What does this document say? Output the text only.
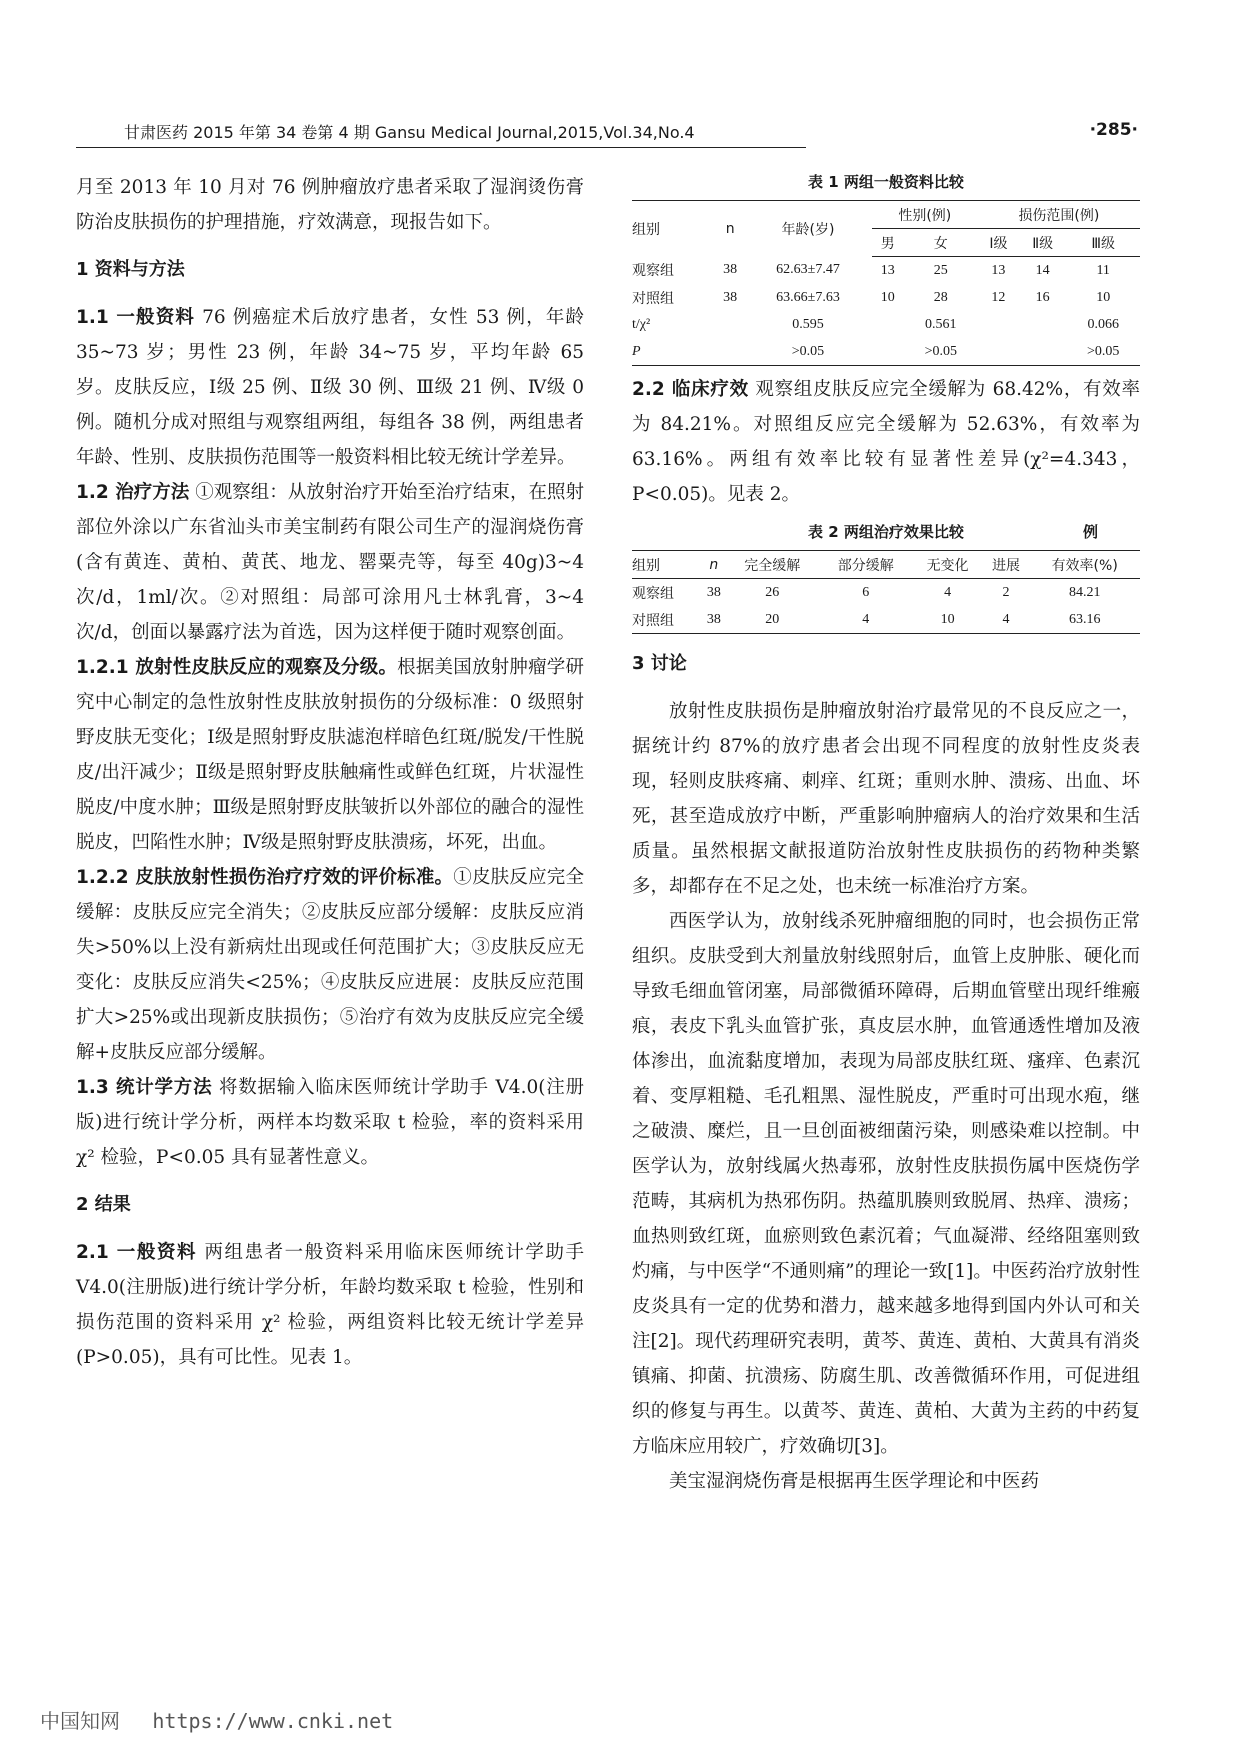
甘肃医药 2015 年第 34 卷第 4 期 Gansu Medical Journal,2015,Vol.34,No.4	·285·

月至 2013 年 10 月对 76 例肿瘤放疗患者采取了湿润烫伤膏防治皮肤损伤的护理措施，疗效满意，现报告如下。

1 资料与方法

1.1 一般资料 76 例癌症术后放疗患者，女性 53 例，年龄 35~73 岁；男性 23 例，年龄 34~75 岁，平均年龄 65 岁。皮肤反应，Ⅰ级 25 例、Ⅱ级 30 例、Ⅲ级 21 例、Ⅳ级 0 例。随机分成对照组与观察组两组，每组各 38 例，两组患者年龄、性别、皮肤损伤范围等一般资料相比较无统计学差异。

1.2 治疗方法 ①观察组：从放射治疗开始至治疗结束，在照射部位外涂以广东省汕头市美宝制药有限公司生产的湿润烧伤膏(含有黄连、黄柏、黄芪、地龙、罂粟壳等，每至 40g)3~4 次/d，1ml/次。②对照组：局部可涂用凡士林乳膏，3~4 次/d，创面以暴露疗法为首选，因为这样便于随时观察创面。

1.2.1 放射性皮肤反应的观察及分级。根据美国放射肿瘤学研究中心制定的急性放射性皮肤放射损伤的分级标准：0 级照射野皮肤无变化；Ⅰ级是照射野皮肤滤泡样暗色红斑/脱发/干性脱皮/出汗减少；Ⅱ级是照射野皮肤触痛性或鲜色红斑，片状湿性脱皮/中度水肿；Ⅲ级是照射野皮肤皱折以外部位的融合的湿性脱皮，凹陷性水肿；Ⅳ级是照射野皮肤溃疡，坏死，出血。

1.2.2 皮肤放射性损伤治疗疗效的评价标准。①皮肤反应完全缓解：皮肤反应完全消失；②皮肤反应部分缓解：皮肤反应消失>50%以上没有新病灶出现或任何范围扩大；③皮肤反应无变化：皮肤反应消失<25%；④皮肤反应进展：皮肤反应范围扩大>25%或出现新皮肤损伤；⑤治疗有效为皮肤反应完全缓解+皮肤反应部分缓解。

1.3 统计学方法 将数据输入临床医师统计学助手 V4.0(注册版)进行统计学分析，两样本均数采取 t 检验，率的资料采用 χ² 检验，P<0.05 具有显著性意义。

2 结果

2.1 一般资料 两组患者一般资料采用临床医师统计学助手 V4.0(注册版)进行统计学分析，年龄均数采取 t 检验，性别和损伤范围的资料采用 χ² 检验，两组资料比较无统计学差异(P>0.05)，具有可比性。见表 1。

表 1 两组一般资料比较
组别	n	年龄(岁)	性别(例)		损伤范围(例)		
			男	女	Ⅰ级	Ⅱ级	Ⅲ级
观察组	38	62.63±7.47	13	25	13	14	11
对照组	38	63.66±7.63	10	28	12	16	10
t/χ²		0.595		0.561			0.066
P		>0.05		>0.05			>0.05

2.2 临床疗效 观察组皮肤反应完全缓解为 68.42%，有效率为 84.21%。对照组反应完全缓解为 52.63%，有效率为 63.16%。两组有效率比较有显著性差异(χ²=4.343，P<0.05)。见表 2。

表 2 两组治疗效果比较	例
组别	n	完全缓解	部分缓解	无变化	进展	有效率(%)
观察组	38	26	6	4	2	84.21
对照组	38	20	4	10	4	63.16
3 讨论

放射性皮肤损伤是肿瘤放射治疗最常见的不良反应之一，据统计约 87%的放疗患者会出现不同程度的放射性皮炎表现，轻则皮肤疼痛、刺痒、红斑；重则水肿、溃疡、出血、坏死，甚至造成放疗中断，严重影响肿瘤病人的治疗效果和生活质量。虽然根据文献报道防治放射性皮肤损伤的药物种类繁多，却都存在不足之处，也未统一标准治疗方案。

西医学认为，放射线杀死肿瘤细胞的同时，也会损伤正常组织。皮肤受到大剂量放射线照射后，血管上皮肿胀、硬化而导致毛细血管闭塞，局部微循环障碍，后期血管壁出现纤维瘢痕，表皮下乳头血管扩张，真皮层水肿，血管通透性增加及液体渗出，血流黏度增加，表现为局部皮肤红斑、瘙痒、色素沉着、变厚粗糙、毛孔粗黑、湿性脱皮，严重时可出现水疱，继之破溃、糜烂，且一旦创面被细菌污染，则感染难以控制。中医学认为，放射线属火热毒邪，放射性皮肤损伤属中医烧伤学范畴，其病机为热邪伤阴。热蕴肌腠则致脱屑、热痒、溃疡；血热则致红斑，血瘀则致色素沉着；气血凝滞、经络阻塞则致灼痛，与中医学“不通则痛”的理论一致[1]。中医药治疗放射性皮炎具有一定的优势和潜力，越来越多地得到国内外认可和关注[2]。现代药理研究表明，黄芩、黄连、黄柏、大黄具有消炎镇痛、抑菌、抗溃疡、防腐生肌、改善微循环作用，可促进组织的修复与再生。以黄芩、黄连、黄柏、大黄为主药的中药复方临床应用较广，疗效确切[3]。

美宝湿润烧伤膏是根据再生医学理论和中医药

中国知网 https://www.cnki.net
